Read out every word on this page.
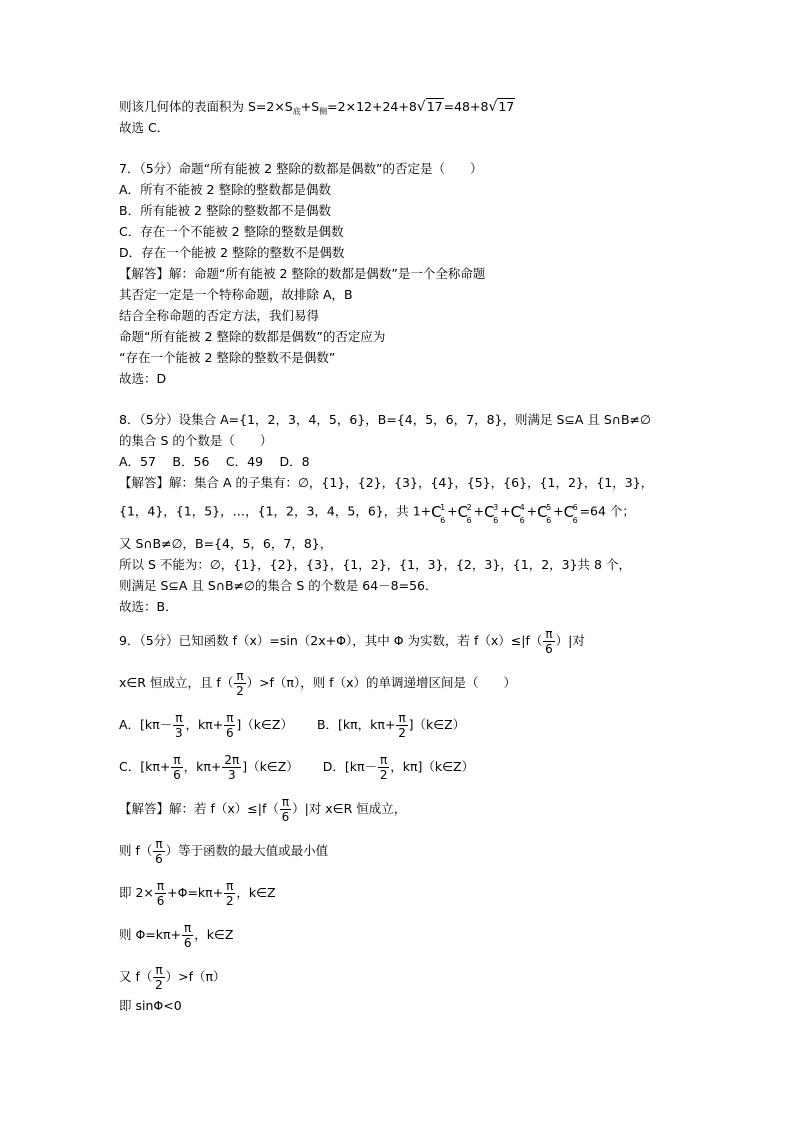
则该几何体的表面积为 $S=2\times S_底+S_侧=2\times 12+24+8√17=48+8√17$
故选 C．
7．（5分）命题“所有能被 2 整除的数都是偶数”的否定是（　　）
A．所有不能被 2 整除的整数都是偶数
B．所有能被 2 整除的整数都不是偶数
C．存在一个不能被 2 整除的整数是偶数
D．存在一个能被 2 整除的整数不是偶数
【解答】解：命题“所有能被 2 整除的数都是偶数”是一个全称命题
其否定一定是一个特称命题，故排除 A，B
结合全称命题的否定方法，我们易得
命题“所有能被 2 整除的数都是偶数”的否定应为
“存在一个能被 2 整除的整数不是偶数”
故选：D
8．（5分）设集合 A={1，2，3，4，5，6}，B={4，5，6，7，8}，则满足 S⊆A 且 S∩B≠∅
的集合 S 的个数是（　　）
A．57　 B．56　 C．49　 D．8
【解答】解：集合 A 的子集有：∅，{1}，{2}，{3}，{4}，{5}，{6}，{1，2}，{1，3}，
{1，4}，{1，5}，…，{1，2，3，4，5，6}，共 1+ C
1
6
+ C
2
6
+ C
3
6
+ C
4
6
+ C
5
6
+ C
6
6
=64 个；
又 S∩B≠∅，B={4，5，6，7，8}，
所以 S 不能为：∅，{1}，{2}，{3}，{1，2}，{1，3}，{2，3}，{1，2，3}共 8 个，
则满足 S⊆A 且 S∩B≠∅的集合 S 的个数是 64－8=56．
故选：B．
9．（5分）已知函数 f（x）=sin（2x+Φ），其中 Φ 为实数，若 $f(x)\le|f( \frac{\pi}{6}$ ）|对
x∈R 恒成立，且 $f( \frac{\pi}{2} )>f(\pi)$，则 f（x）的单调递增区间是（　　）
A．[$k\pi- \frac{\pi}{3}$ ，$k\pi+ \frac{\pi}{6}$ ]（k∈Z） B．[kπ，$k\pi+ \frac{\pi}{2}$ ]（k∈Z）
C．[$k\pi+ \frac{\pi}{6}$ ，$k\pi+ \frac{2\pi}{3}$ ]（k∈Z） D．[$k\pi- \frac{\pi}{2}$ ，kπ]（k∈Z）
【解答】解：若 $f(x)\le|f( \frac{\pi}{6}$ ）|对 x∈R 恒成立，
则 $f( \frac{\pi}{6}$ ）等于函数的最大值或最小值
即 $2\times \frac{\pi}{6} +\Phi=k\pi+ \frac{\pi}{2}$ ，k∈Z
则 $\Phi=k\pi+ \frac{\pi}{6}$ ，k∈Z
又 $f( \frac{\pi}{2} )>f(\pi)$
即 sinΦ<0
